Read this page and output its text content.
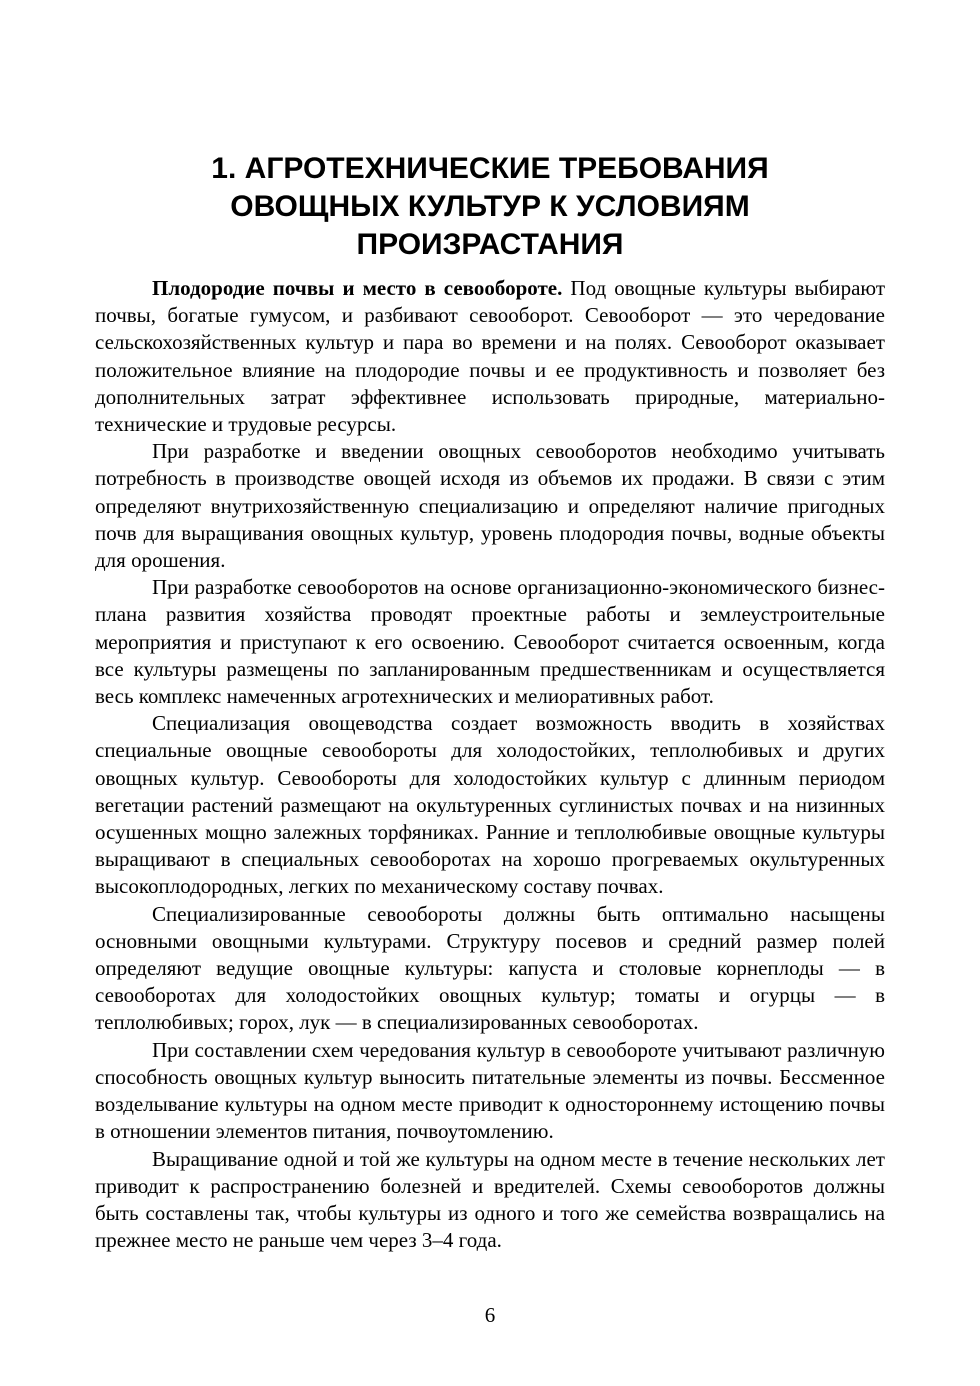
1. АГРОТЕХНИЧЕСКИЕ ТРЕБОВАНИЯ
ОВОЩНЫХ КУЛЬТУР К УСЛОВИЯМ
ПРОИЗРАСТАНИЯ

Плодородие почвы и место в севообороте. Под овощные культуры выбирают почвы, богатые гумусом, и разбивают севооборот. Севооборот — это чередование сельскохозяйственных культур и пара во времени и на полях. Севооборот оказывает положительное влияние на плодородие почвы и ее продуктивность и позволяет без дополнительных затрат эффективнее использовать природные, материально-технические и трудовые ресурсы.

При разработке и введении овощных севооборотов необходимо учитывать потребность в производстве овощей исходя из объемов их продажи. В связи с этим определяют внутрихозяйственную специализацию и определяют наличие пригодных почв для выращивания овощных культур, уровень плодородия почвы, водные объекты для орошения.

При разработке севооборотов на основе организационно-экономического бизнес-плана развития хозяйства проводят проектные работы и землеустроительные мероприятия и приступают к его освоению. Севооборот считается освоенным, когда все культуры размещены по запланированным предшественникам и осуществляется весь комплекс намеченных агротехнических и мелиоративных работ.

Специализация овощеводства создает возможность вводить в хозяйствах специальные овощные севообороты для холодостойких, теплолюбивых и других овощных культур. Севообороты для холодостойких культур с длинным периодом вегетации растений размещают на окультуренных суглинистых почвах и на низинных осушенных мощно залежных торфяниках. Ранние и теплолюбивые овощные культуры выращивают в специальных севооборотах на хорошо прогреваемых окультуренных высокоплодородных, легких по механическому составу почвах.

Специализированные севообороты должны быть оптимально насыщены основными овощными культурами. Структуру посевов и средний размер полей определяют ведущие овощные культуры: капуста и столовые корнеплоды — в севооборотах для холодостойких овощных культур; томаты и огурцы — в теплолюбивых; горох, лук — в специализированных севооборотах.

При составлении схем чередования культур в севообороте учитывают различную способность овощных культур выносить питательные элементы из почвы. Бессменное возделывание культуры на одном месте приводит к одностороннему истощению почвы в отношении элементов питания, почвоутомлению.

Выращивание одной и той же культуры на одном месте в течение нескольких лет приводит к распространению болезней и вредителей. Схемы севооборотов должны быть составлены так, чтобы культуры из одного и того же семейства возвращались на прежнее место не раньше чем через 3–4 года.

6
